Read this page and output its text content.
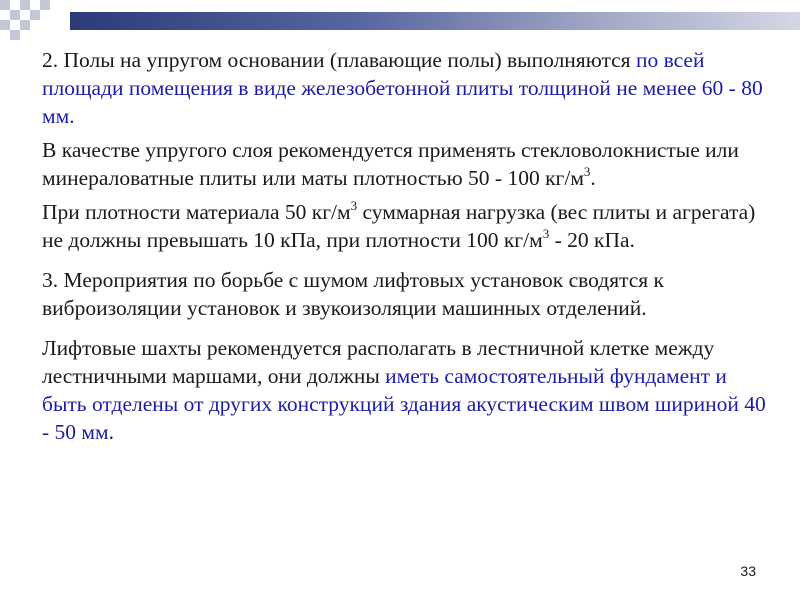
2. Полы на упругом основании (плавающие полы) выполняются по всей площади помещения в виде железобетонной плиты толщиной не менее 60 - 80 мм.

В качестве упругого слоя рекомендуется применять стекловолокнистые или минераловатные плиты или маты плотностью 50 - 100 $кг/м^3$.

При плотности материала 50 $кг/м^3$ суммарная нагрузка (вес плиты и агрегата) не должны превышать 10 кПа, при плотности 100 $кг/м^3 - 20$ кПа.

3. Мероприятия по борьбе с шумом лифтовых установок сводятся к виброизоляции установок и звукоизоляции машинных отделений.

Лифтовые шахты рекомендуется располагать в лестничной клетке между лестничными маршами, они должны иметь самостоятельный фундамент и быть отделены от других конструкций здания акустическим швом шириной 40 - 50 мм.

33
